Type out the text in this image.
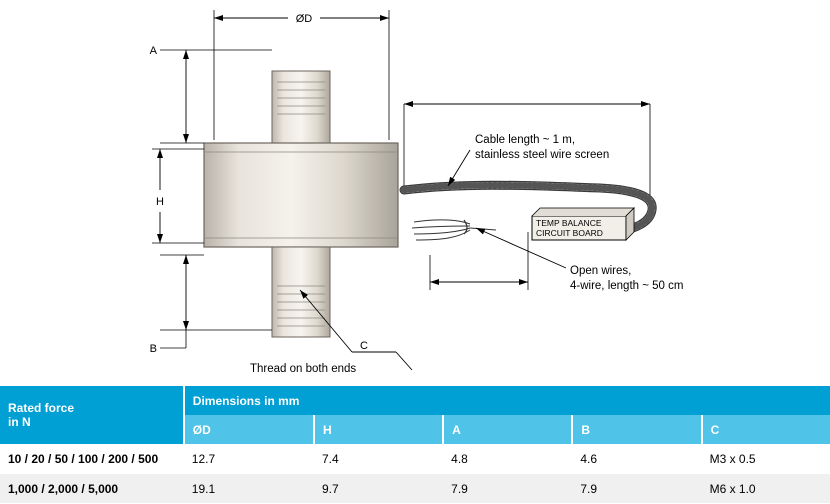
ØD
A
H
B	C
Thread on both ends
TEMP BALANCE
CIRCUIT BOARD
Cable length ~ 1 m,
stainless steel wire screen
Open wires,
4-wire, length ~ 50 cm
Rated force
in N	Dimensions in mm				
	ØD	H	A	B	C
10 / 20 / 50 / 100 / 200 / 500	12.7	7.4	4.8	4.6	M3 x 0.5
1,000 / 2,000 / 5,000	19.1	9.7	7.9	7.9	M6 x 1.0
